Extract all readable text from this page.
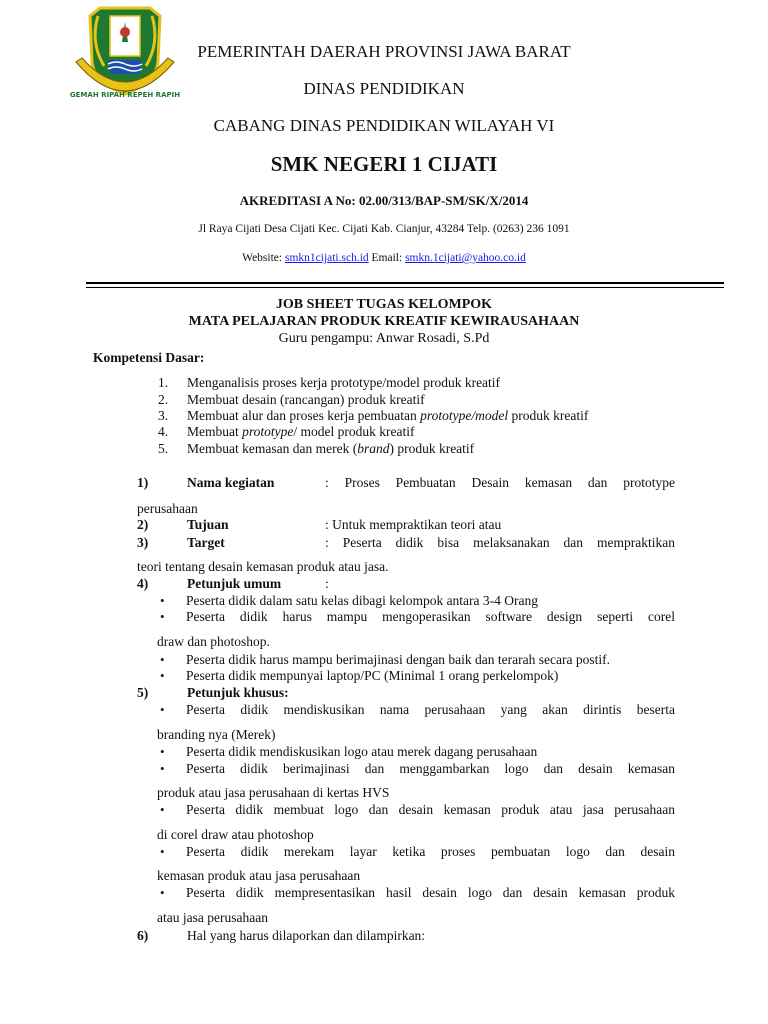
GEMAH RIPAH REPEH RAPIH
PEMERINTAH DAERAH PROVINSI JAWA BARAT
DINAS PENDIDIKAN
CABANG DINAS PENDIDIKAN WILAYAH VI
SMK NEGERI 1 CIJATI
AKREDITASI A No: 02.00/313/BAP-SM/SK/X/2014
Jl Raya Cijati Desa Cijati Kec. Cijati Kab. Cianjur, 43284 Telp. (0263) 236 1091
Website: smkn1cijati.sch.id Email: smkn.1cijati@yahoo.co.id
JOB SHEET TUGAS KELOMPOK
MATA PELAJARAN PRODUK KREATIF KEWIRAUSAHAAN
Guru pengampu: Anwar Rosadi, S.Pd
Kompetensi Dasar:
1. Menganalisis proses kerja prototype/model produk kreatif
2. Membuat desain (rancangan) produk kreatif
3. Membuat alur dan proses kerja pembuatan prototype/model produk kreatif
4. Membuat prototype/ model produk kreatif
5. Membuat kemasan dan merek (brand) produk kreatif
1)	Nama kegiatan	: Proses Pembuatan Desain kemasan dan prototype
perusahaan
2)	Tujuan	: Untuk mempraktikan teori atau
3)	Target	: Peserta didik bisa melaksanakan dan mempraktikan
teori tentang desain kemasan produk atau jasa.
4)	Petunjuk umum	:
• Peserta didik dalam satu kelas dibagi kelompok antara 3-4 Orang
• Peserta didik harus mampu mengoperasikan software design seperti corel
draw dan photoshop.
• Peserta didik harus mampu berimajinasi dengan baik dan terarah secara postif.
• Peserta didik mempunyai laptop/PC (Minimal 1 orang perkelompok)
5)	Petunjuk khusus:
• Peserta didik mendiskusikan nama perusahaan yang akan dirintis beserta
branding nya (Merek)
• Peserta didik mendiskusikan logo atau merek dagang perusahaan
• Peserta didik berimajinasi dan menggambarkan logo dan desain kemasan
produk atau jasa perusahaan di kertas HVS
• Peserta didik membuat logo dan desain kemasan produk atau jasa perusahaan
di corel draw atau photoshop
• Peserta didik merekam layar ketika proses pembuatan logo dan desain
kemasan produk atau jasa perusahaan
• Peserta didik mempresentasikan hasil desain logo dan desain kemasan produk
atau jasa perusahaan
6)	Hal yang harus dilaporkan dan dilampirkan:
